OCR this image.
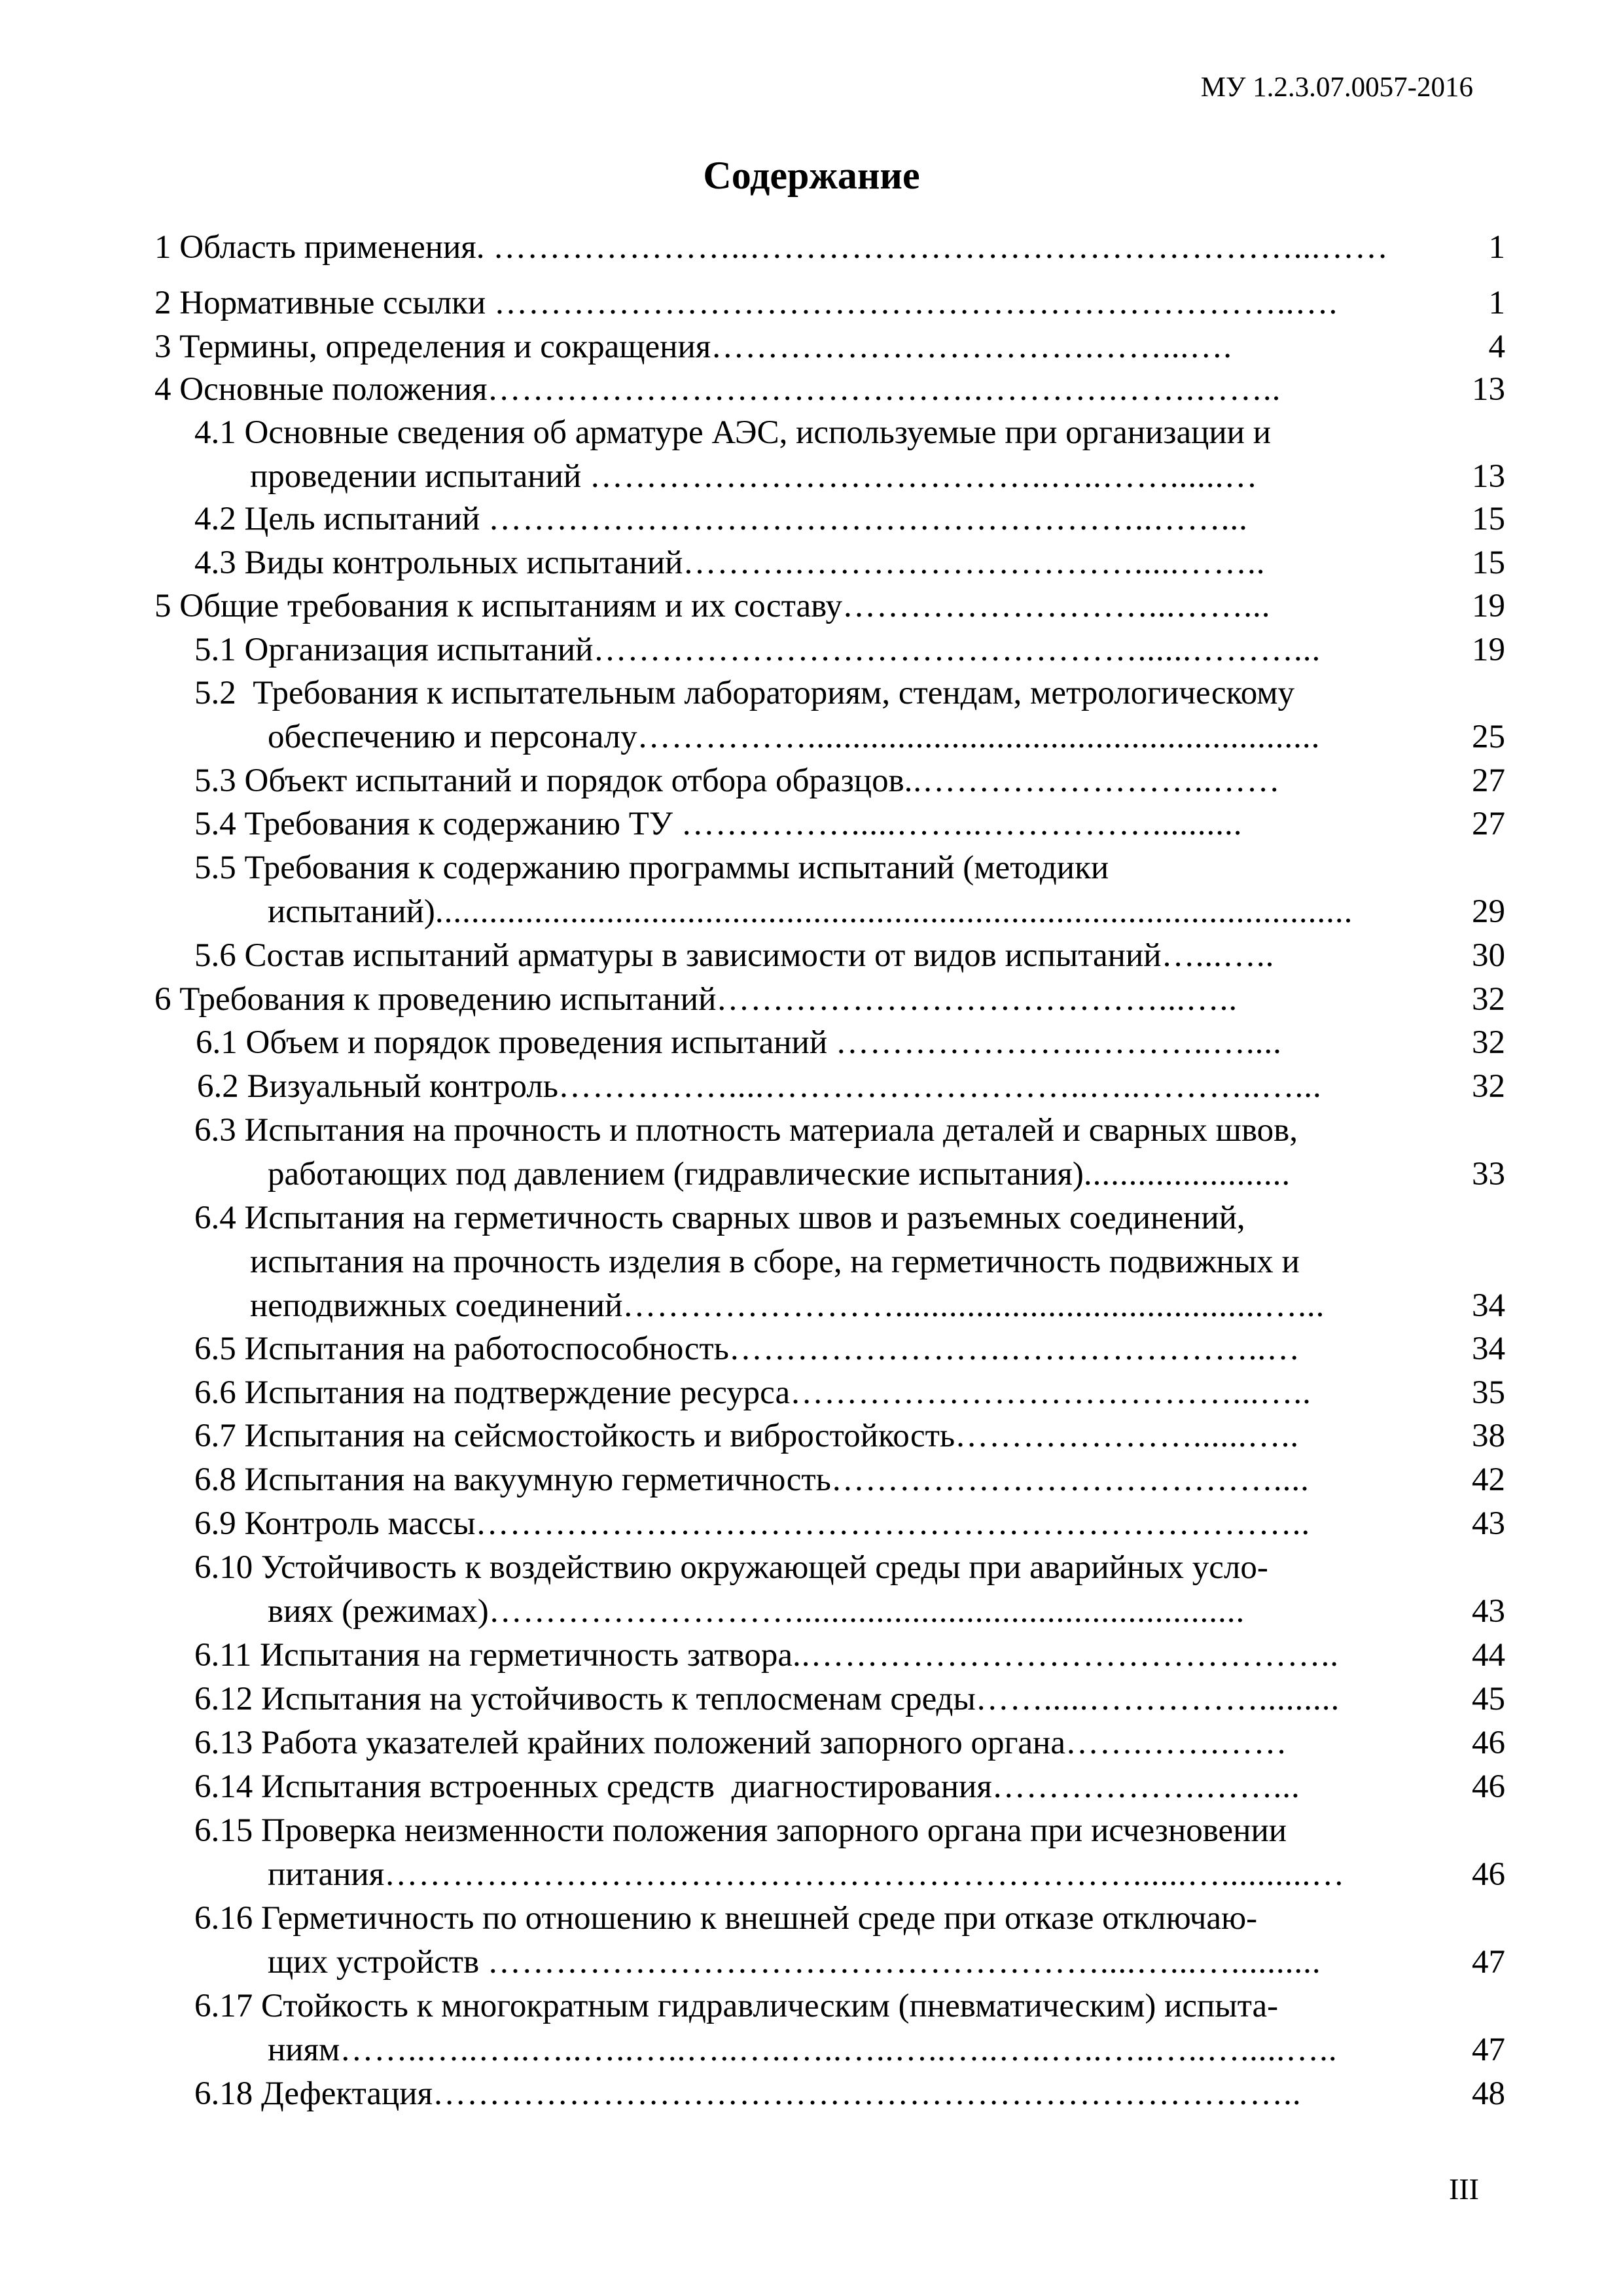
МУ 1.2.3.07.0057-2016
Содержание
1 Область применения. …………………..…………………………………………...……	1
2 Нормативные ссылки ……………………………………………………………..….	1
3 Термины, определения и сокращения…………………………….……...….	4
4 Основные положения…………………………………….………….…….……..	13
4.1 Основные сведения об арматуре АЭС, используемые при организации и
проведении испытаний …………………………………..…..……......…	13
4.2 Цель испытаний …………………………………………………..……...	15
4.3 Виды контрольных испытаний……….………………………….....……..	15
5 Общие требования к испытаниям и их составу………………………...……...	19
5.1 Организация испытаний…………………………………………......………...	19
5.2  Требования к испытательным лабораториям, стендам, метрологическому
обеспечению и персоналу…………….........................................................	25
5.3 Объект испытаний и порядок отбора образцов..……………………..……	27
5.4 Требования к содержанию ТУ …………….....……..……………..........	27
5.5 Требования к содержанию программы испытаний (методики
испытаний)......................................................................................................	29
5.6 Состав испытаний арматуры в зависимости от видов испытаний…...…..	30
6 Требования к проведению испытаний…………………………………...…..	32
6.1 Объем и порядок проведения испытаний …………………..………..…....	32
6.2 Визуальный контроль……………....………………………..…..………..…...	32
6.3 Испытания на прочность и плотность материала деталей и сварных швов,
работающих под давлением (гидравлические испытания).......................	33
6.4 Испытания на герметичность сварных швов и разъемных соединений,
испытания на прочность изделия в сборе, на герметичность подвижных и
неподвижных соединений…………………….........................................…...	34
6.5 Испытания на работоспособность…………………….…………………..…	34
6.6 Испытания на подтверждение ресурса…………………………………...…..	35
6.7 Испытания на сейсмостойкость и вибростойкость…………………......…..	38
6.8 Испытания на вакуумную герметичность…………………………………....	42
6.9 Контроль массы………………………………………………………………..	43
6.10 Устойчивость к воздействию окружающей среды при аварийных усло-
виях (режимах)………………………..................................................	43
6.11 Испытания на герметичность затвора..………………………………………..	44
6.12 Испытания на устойчивость к теплосменам среды…….....…………….........	45
6.13 Работа указателей крайних положений запорного органа…….…….……	46
6.14 Испытания встроенных средств  диагностирования……………….……...	46
6.15 Проверка неизменности положения запорного органа при исчезновении
питания…………………………………………………………......…..........…	46
6.16 Герметичность по отношению к внешней среде при отказе отключаю-
щих устройств ………………………………………………....…...…..........	47
6.17 Стойкость к многократным гидравлическим (пневматическим) испыта-
ниям……..…..…..…..…..…..…..…..…..…..…..…..…..…..…..…..….....…..	47
6.18 Дефектация…………………………………………………………………..	48
III
